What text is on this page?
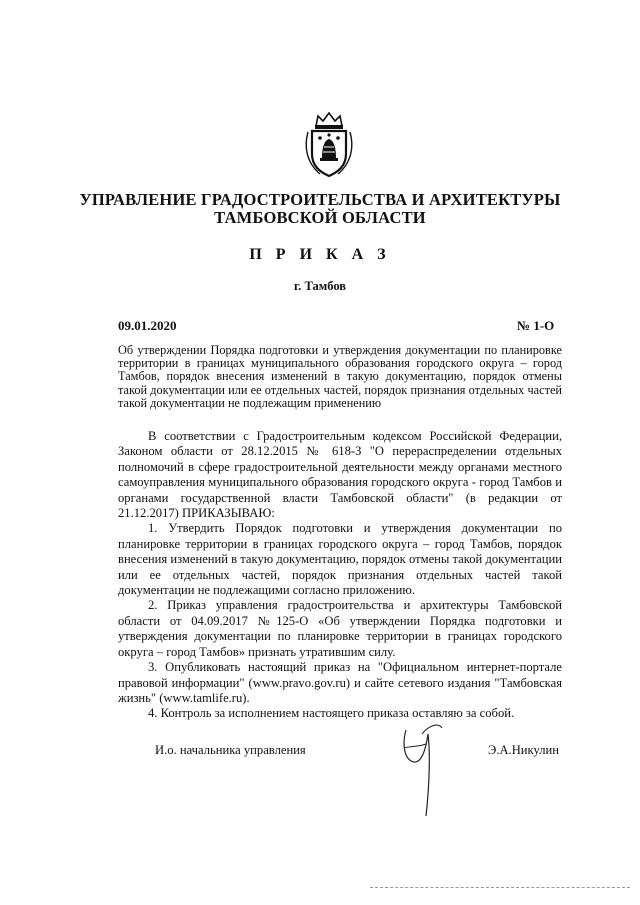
УПРАВЛЕНИЕ ГРАДОСТРОИТЕЛЬСТВА И АРХИТЕКТУРЫ
ТАМБОВСКОЙ ОБЛАСТИ
П Р И К А З
г. Тамбов
09.01.2020	№ 1-О
Об утверждении Порядка подготовки и утверждения документации по планировке территории в границах муниципального образования городского округа – город Тамбов, порядок внесения изменений в такую документацию, порядок отмены такой документации или ее отдельных частей, порядок признания отдельных частей такой документации не подлежащим применению

В соответствии с Градостроительным кодексом Российской Федерации, Законом области от 28.12.2015 № 618-З "О перераспределении отдельных полномочий в сфере градостроительной деятельности между органами местного самоуправления муниципального образования городского округа - город Тамбов и органами государственной власти Тамбовской области" (в редакции от 21.12.2017) ПРИКАЗЫВАЮ:

1. Утвердить Порядок подготовки и утверждения документации по планировке территории в границах городского округа – город Тамбов, порядок внесения изменений в такую документацию, порядок отмены такой документации или ее отдельных частей, порядок признания отдельных частей такой документации не подлежащими согласно приложению.

2. Приказ управления градостроительства и архитектуры Тамбовской области от 04.09.2017 №125-О «Об утверждении Порядка подготовки и утверждения документации по планировке территории в границах городского округа – город Тамбов» признать утратившим силу.

3. Опубликовать настоящий приказ на "Официальном интернет-портале правовой информации" (www.pravo.gov.ru) и сайте сетевого издания "Тамбовская жизнь" (www.tamlife.ru).

4. Контроль за исполнением настоящего приказа оставляю за собой.

И.о. начальника управления	Э.А.Никулин
